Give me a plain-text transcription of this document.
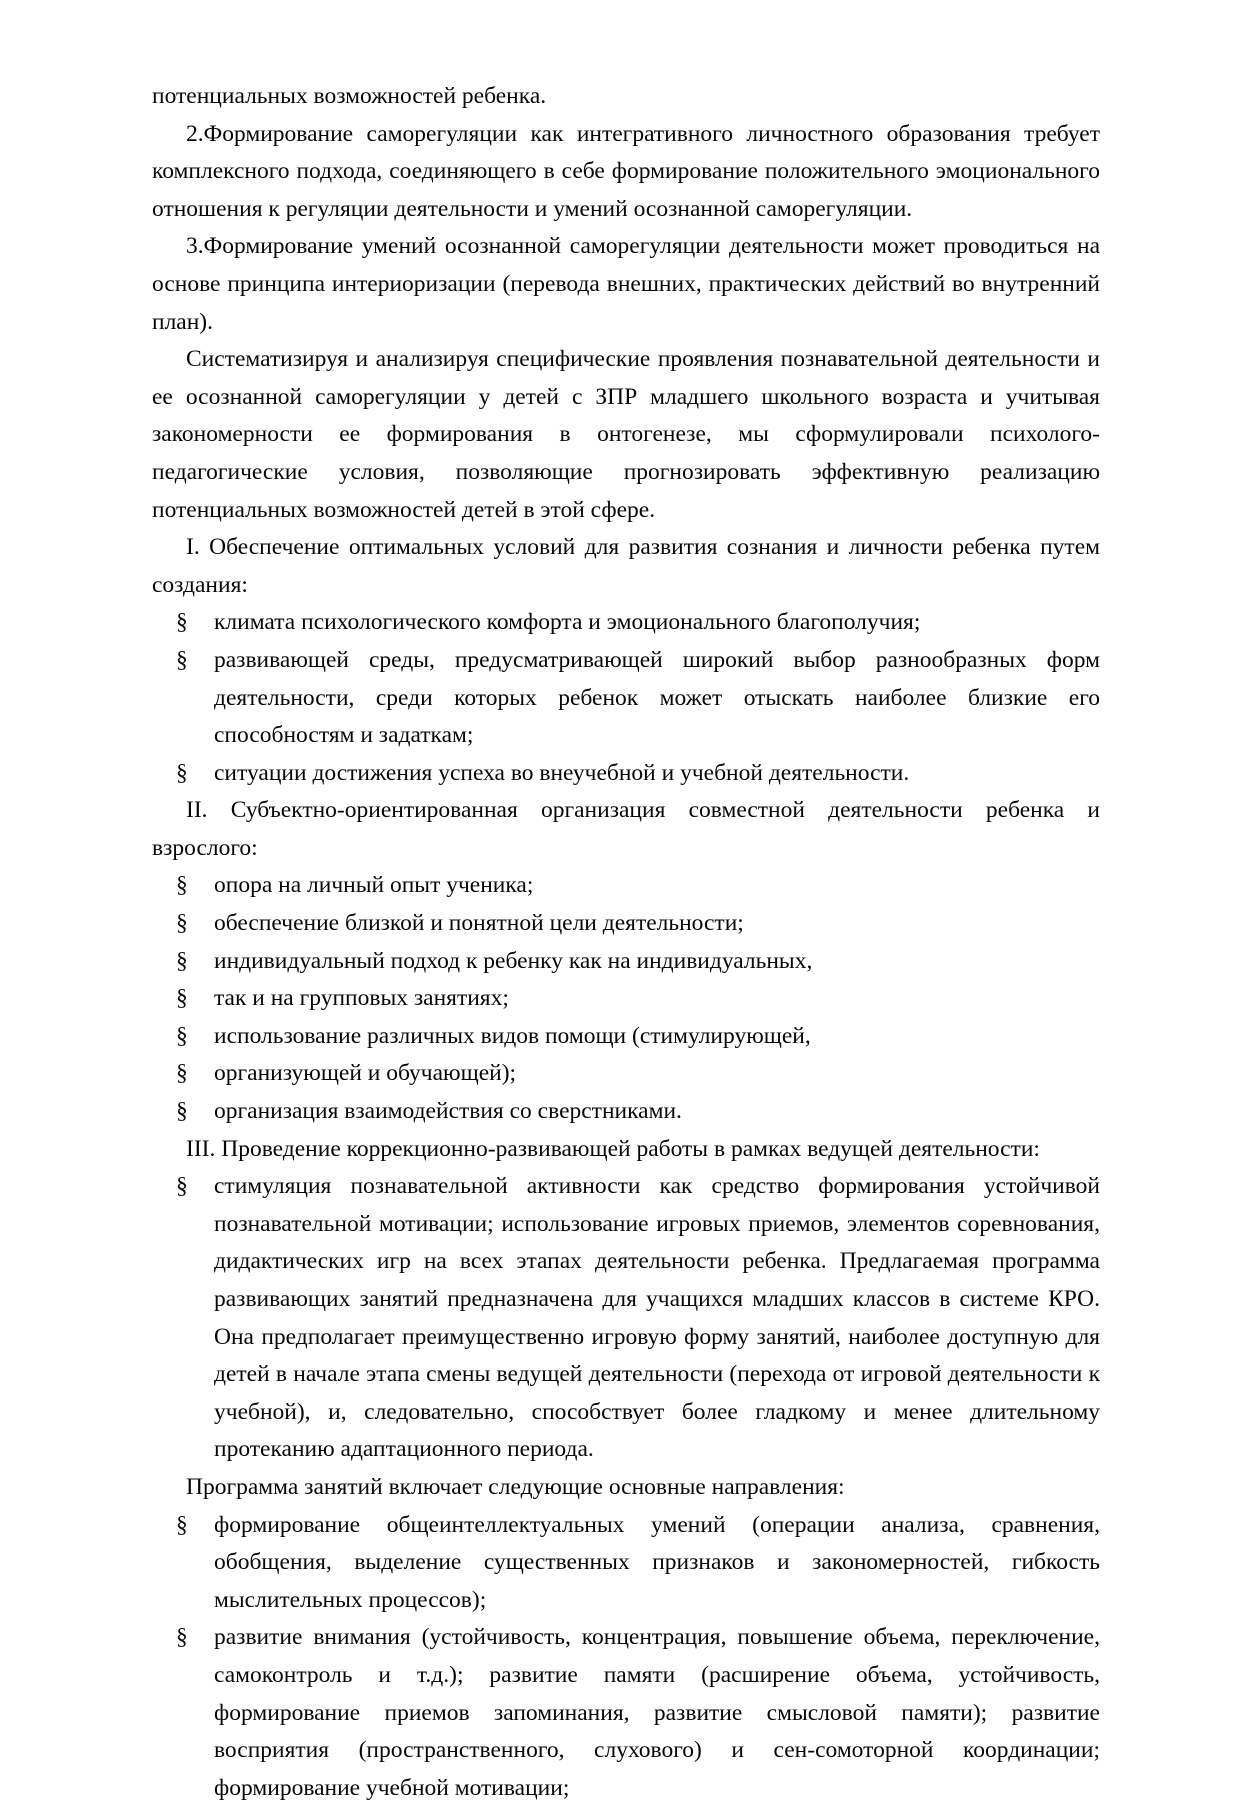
потенциальных возможностей ребенка.

2.Формирование саморегуляции как интегративного личностного образования требует комплексного подхода, соединяющего в себе формирование положительного эмоционального отношения к регуляции деятельности и умений осознанной саморегуляции.

3.Формирование умений осознанной саморегуляции деятельности может проводиться на основе принципа интериоризации (перевода внешних, практических действий во внутренний план).

Систематизируя и анализируя специфические проявления познавательной деятельности и ее осознанной саморегуляции у детей с ЗПР младшего школьного возраста и учитывая закономерности ее формирования в онтогенезе, мы сформулировали психолого-педагогические условия, позволяющие прогнозировать эффективную реализацию потенциальных возможностей детей в этой сфере.

I. Обеспечение оптимальных условий для развития сознания и личности ребенка путем создания:

§ климата психологического комфорта и эмоционального благополучия;

§ развивающей среды, предусматривающей широкий выбор разнообразных форм деятельности, среди которых ребенок может отыскать наиболее близкие его способностям и задаткам;

§ ситуации достижения успеха во внеучебной и учебной деятельности.

II. Субъектно-ориентированная организация совместной деятельности ребенка и взрослого:

§ опора на личный опыт ученика;

§ обеспечение близкой и понятной цели деятельности;

§ индивидуальный подход к ребенку как на индивидуальных,

§ так и на групповых занятиях;

§ использование различных видов помощи (стимулирующей,

§ организующей и обучающей);

§ организация взаимодействия со сверстниками.

III. Проведение коррекционно-развивающей работы в рамках ведущей деятельности:

§ стимуляция познавательной активности как средство формирования устойчивой познавательной мотивации; использование игровых приемов, элементов соревнования, дидактических игр на всех этапах деятельности ребенка. Предлагаемая программа развивающих занятий предназначена для учащихся младших классов в системе КРО. Она предполагает преимущественно игровую форму занятий, наиболее доступную для детей в начале этапа смены ведущей деятельности (перехода от игровой деятельности к учебной), и, следовательно, способствует более гладкому и менее длительному протеканию адаптационного периода.

Программа занятий включает следующие основные направления:

§ формирование общеинтеллектуальных умений (операции анализа, сравнения, обобщения, выделение существенных признаков и закономерностей, гибкость мыслительных процессов);

§ развитие внимания (устойчивость, концентрация, повышение объема, переключение, самоконтроль и т.д.); развитие памяти (расширение объема, устойчивость, формирование приемов запоминания, развитие смысловой памяти); развитие восприятия (пространственного, слухового) и сен-сомоторной координации; формирование учебной мотивации;
